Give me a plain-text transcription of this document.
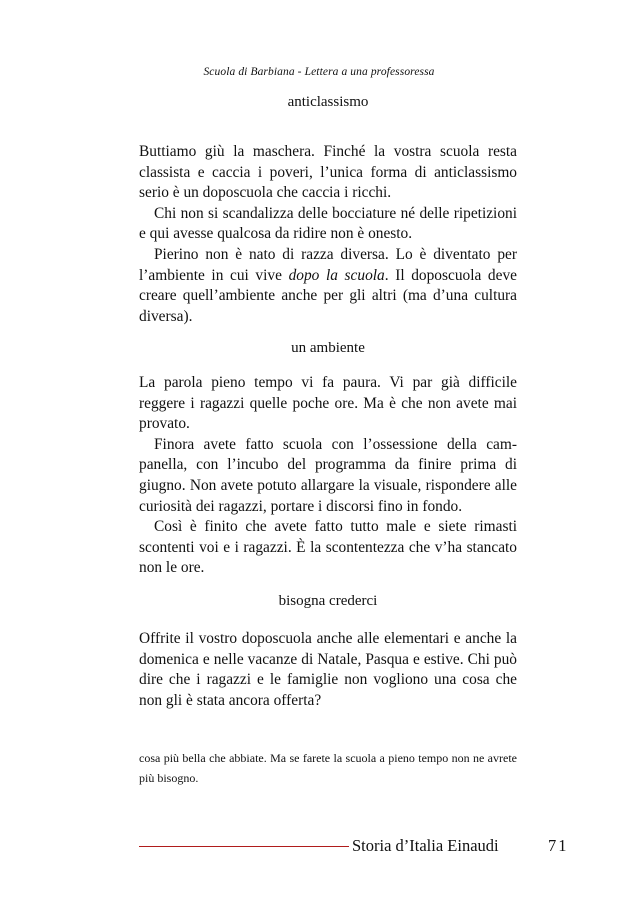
Scuola di Barbiana - Lettera a una professoressa
anticlassismo

Buttiamo giù la maschera. Finché la vostra scuola resta classista e caccia i poveri, l’unica forma di anticlassismo serio è un doposcuola che caccia i ricchi.

Chi non si scandalizza delle bocciature né delle ripetizioni e qui avesse qualcosa da ridire non è onesto.

Pierino non è nato di razza diversa. Lo è diventato per l’ambiente in cui vive dopo la scuola. Il doposcuola deve creare quell’ambiente anche per gli altri (ma d’una cultura diversa).

un ambiente

La parola pieno tempo vi fa paura. Vi par già difficile reggere i ragazzi quelle poche ore. Ma è che non avete mai provato.

Finora avete fatto scuola con l’ossessione della campanella, con l’incubo del programma da finire prima di giugno. Non avete potuto allargare la visuale, rispondere alle curiosità dei ragazzi, portare i discorsi fino in fondo.

Così è finito che avete fatto tutto male e siete rimasti scontenti voi e i ragazzi. È la scontentezza che v’ha stancato non le ore.

bisogna crederci

Offrite il vostro doposcuola anche alle elementari e anche la domenica e nelle vacanze di Natale, Pasqua e estive. Chi può dire che i ragazzi e le famiglie non vogliono una cosa che non gli è stata ancora offerta?

cosa più bella che abbiate. Ma se farete la scuola a pieno tempo non ne avrete più bisogno.
Storia d’Italia Einaudi	71
